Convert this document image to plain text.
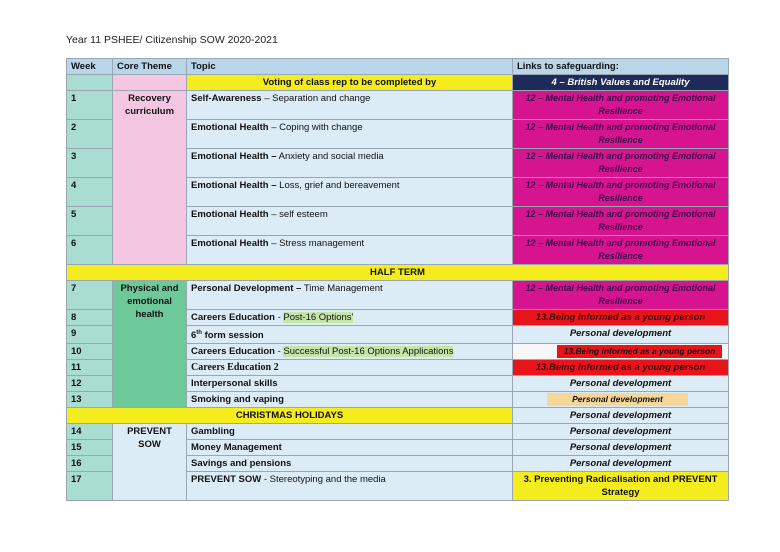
Year 11 PSHEE/ Citizenship SOW 2020-2021
Week	Core Theme	Topic	Links to safeguarding:
		Voting of class rep to be completed by	4 – British Values and Equality
1	Recovery curriculum	Self-Awareness – Separation and change	12 – Mental Health and promoting Emotional Resilience
2		Emotional Health – Coping with change	12 – Mental Health and promoting Emotional Resilience
3		Emotional Health – Anxiety and social media	12 – Mental Health and promoting Emotional Resilience
4		Emotional Health – Loss, grief and bereavement	12 – Mental Health and promoting Emotional Resilience
5		Emotional Health – self esteem	12 – Mental Health and promoting Emotional Resilience
6		Emotional Health – Stress management	12 – Mental Health and promoting Emotional Resilience
HALF TERM			
7	Physical and emotional health	Personal Development – Time Management	12 – Mental Health and promoting Emotional Resilience
8		Careers Education - Post-16 Options'	13.Being informed as a young person
9		6th form session	Personal development
10		Careers Education - Successful Post-16 Options Applications	13.Being informed as a young person

11		Careers Education 2	13.Being informed as a young person
12		Interpersonal skills	Personal development
13		Smoking and vaping	Personal development

CHRISTMAS HOLIDAYS			Personal development
14	PREVENT SOW	Gambling	Personal development
15		Money Management	Personal development
16		Savings and pensions	Personal development
17		PREVENT SOW - Stereotyping and the media	3. Preventing Radicalisation and PREVENT Strategy
